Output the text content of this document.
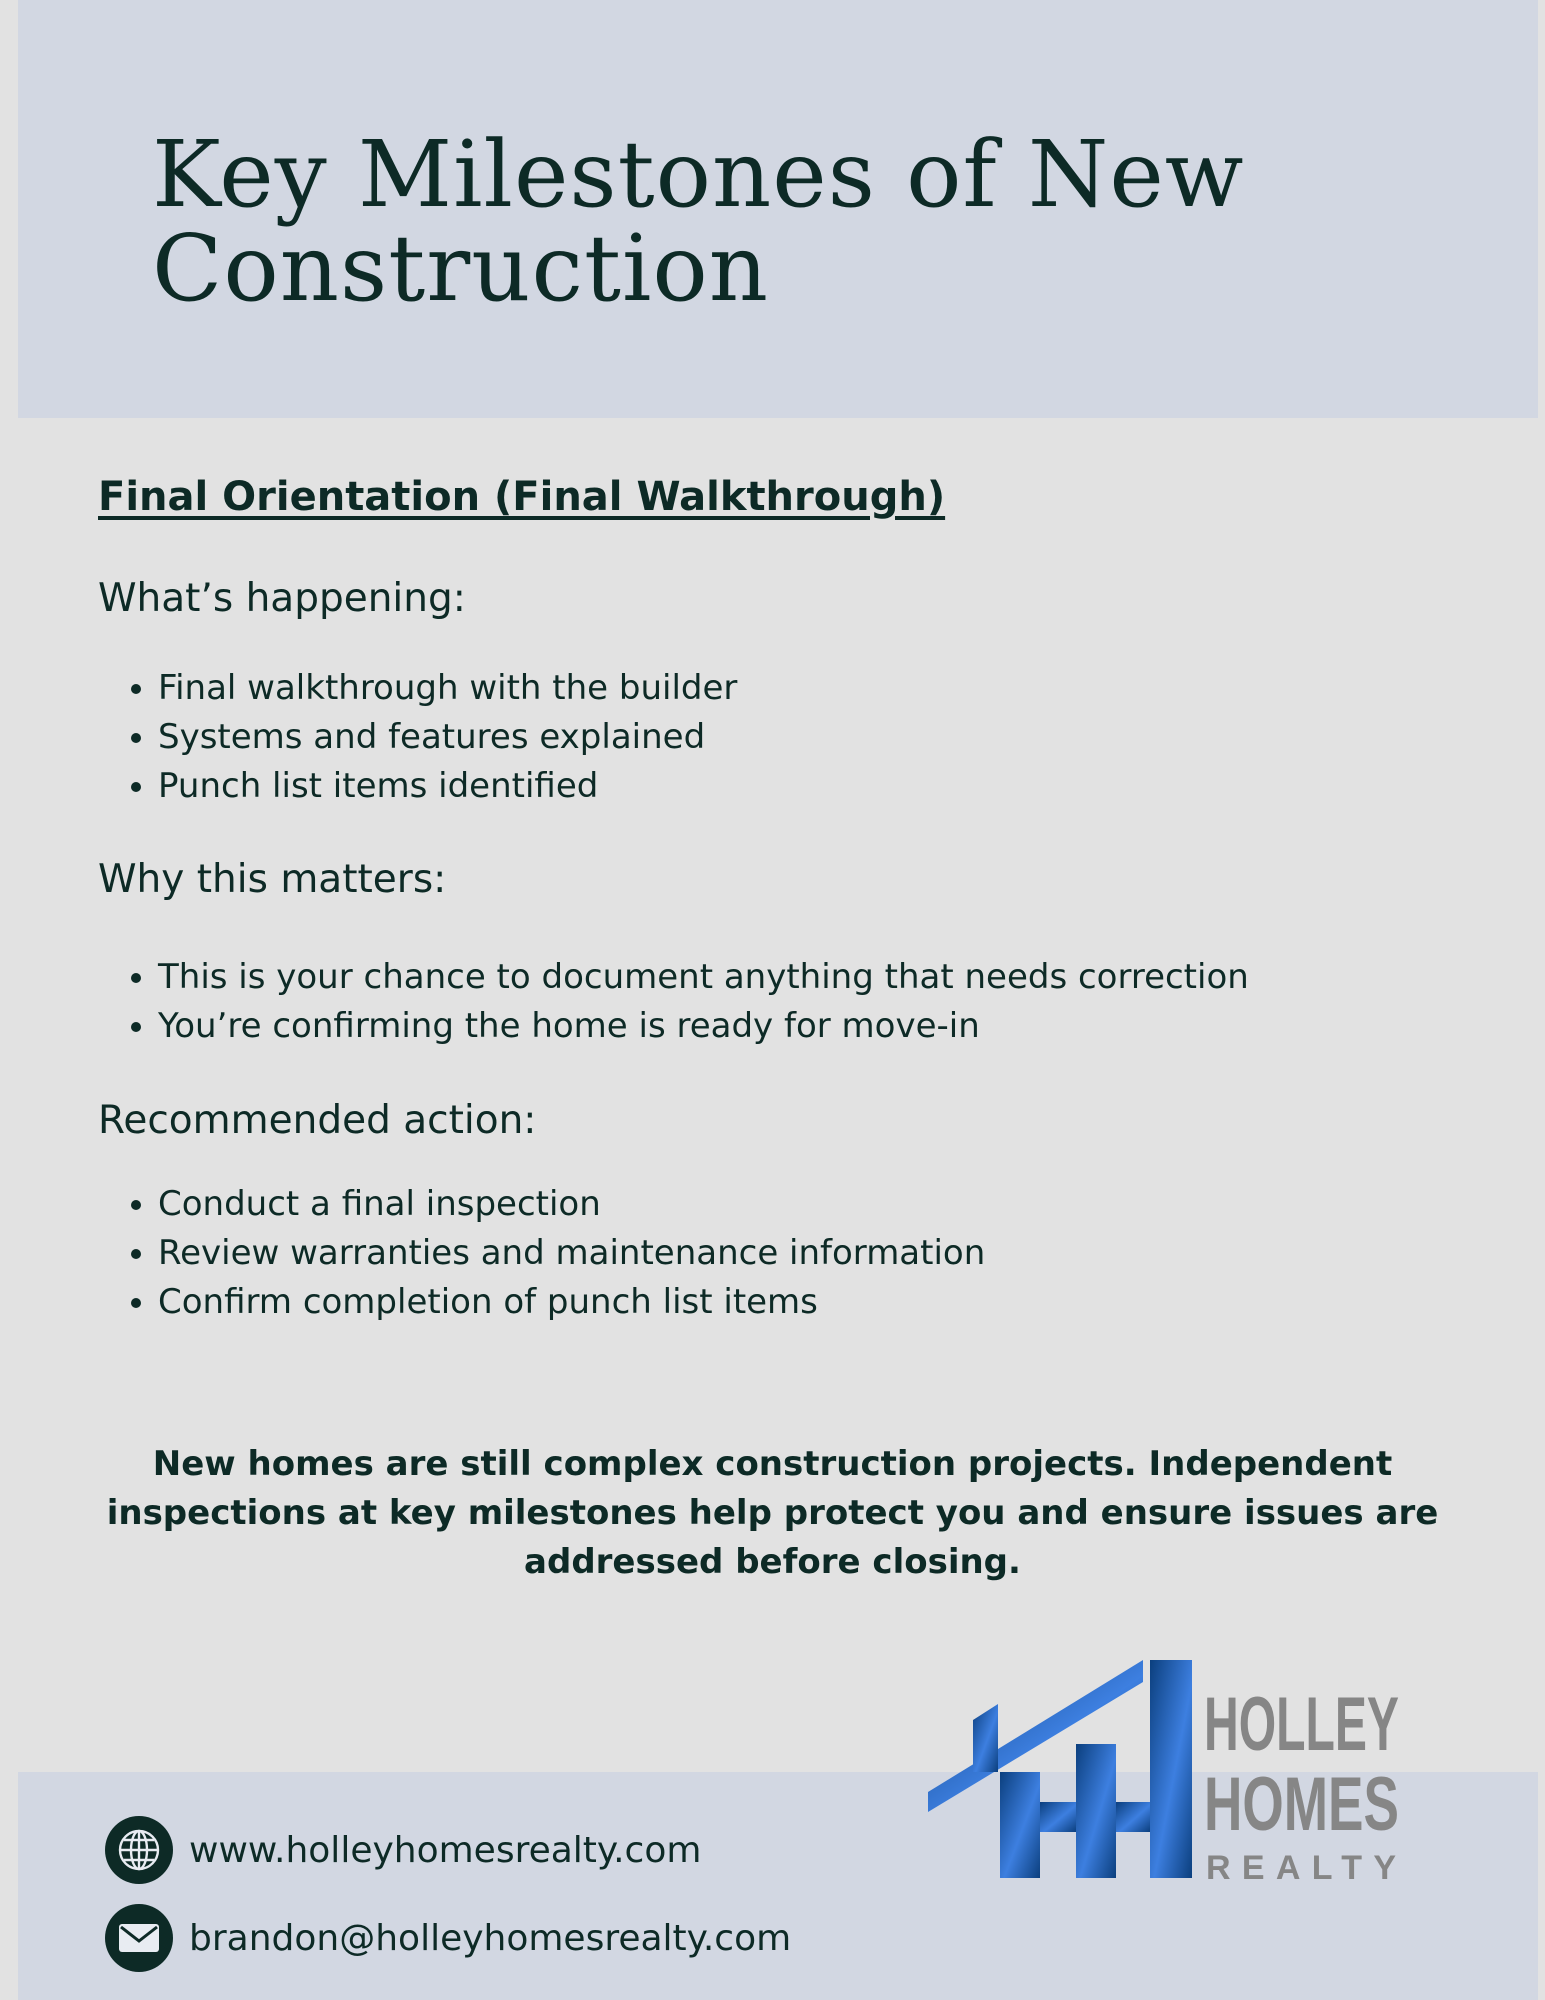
Key Milestones of New Construction
Final Orientation (Final Walkthrough)

What’s happening:

• Final walkthrough with the builder
• Systems and features explained
• Punch list items identified

Why this matters:

• This is your chance to document anything that needs correction
• You’re confirming the home is ready for move-in

Recommended action:

• Conduct a final inspection
• Review warranties and maintenance information
• Confirm completion of punch list items

New homes are still complex construction projects. Independent inspections at key milestones help protect you and ensure issues are addressed before closing.

www.holleyhomesrealty.com
brandon@holleyhomesrealty.com
HOLLEY
HOMES
REALTY
